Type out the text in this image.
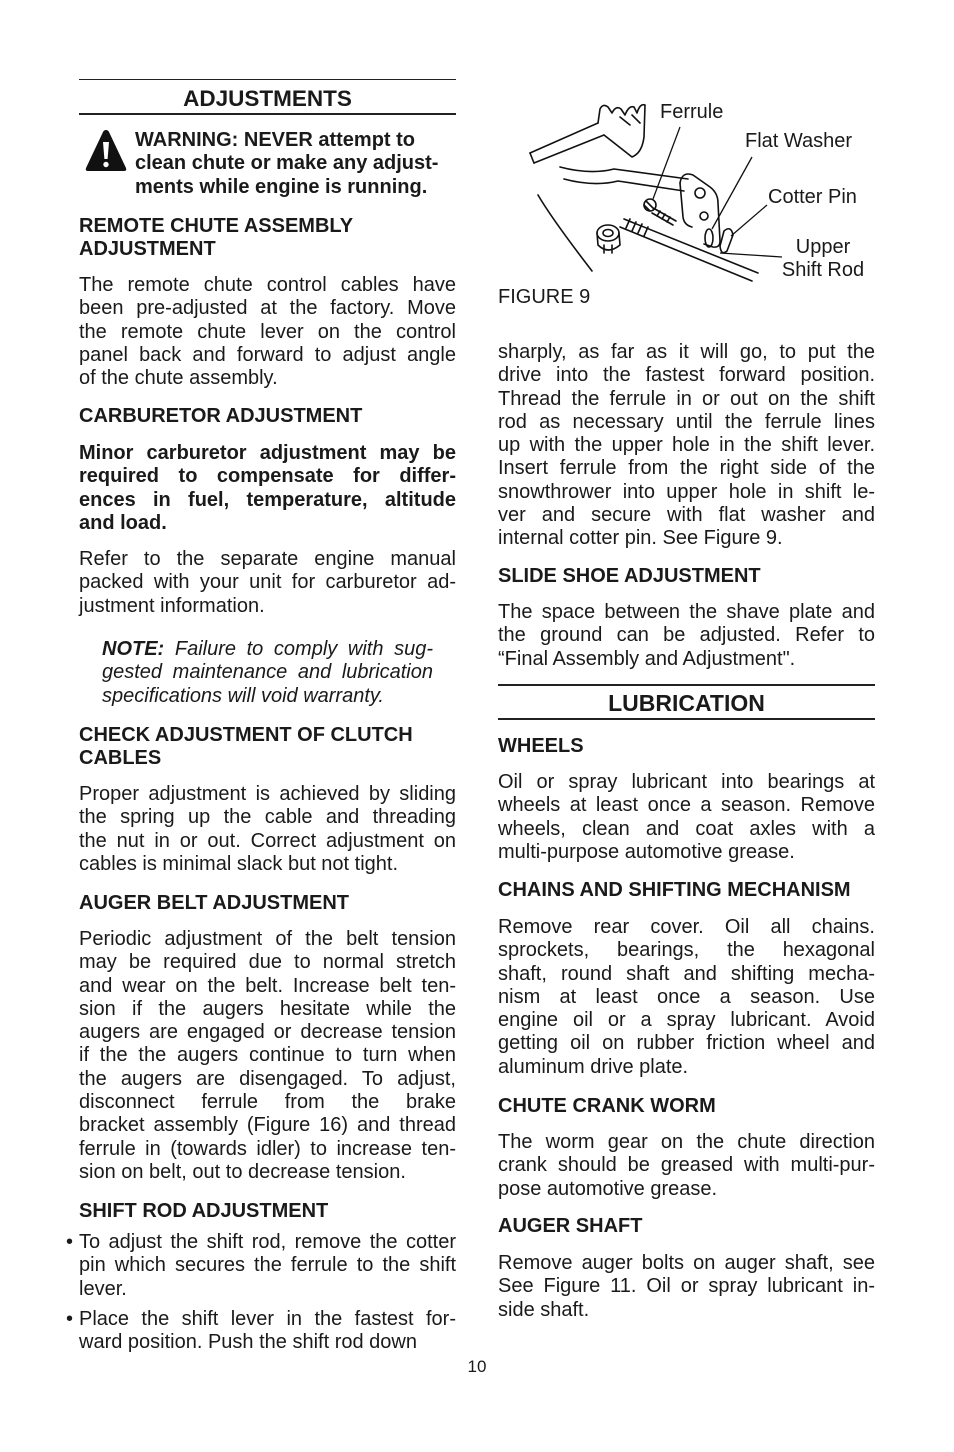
ADJUSTMENTS
WARNING: NEVER attempt to
clean chute or make any adjust-
ments while engine is running.
REMOTE CHUTE ASSEMBLY
ADJUSTMENT
The remote chute control cables have
been pre-adjusted at the factory. Move
the remote chute lever on the control
panel back and forward to adjust angle
of the chute assembly.
CARBURETOR ADJUSTMENT
Minor carburetor adjustment may be
required to compensate for differ-
ences in fuel, temperature, altitude
and load.
Refer to the separate engine manual
packed with your unit for carburetor ad-
justment information.
NOTE: Failure to comply with sug-
gested maintenance and lubrication
specifications will void warranty.
CHECK ADJUSTMENT OF CLUTCH
CABLES
Proper adjustment is achieved by sliding
the spring up the cable and threading
the nut in or out. Correct adjustment on
cables is minimal slack but not tight.
AUGER BELT ADJUSTMENT
Periodic adjustment of the belt tension
may be required due to normal stretch
and wear on the belt. Increase belt ten-
sion if the augers hesitate while the
augers are engaged or decrease tension
if the the augers continue to turn when
the augers are disengaged. To adjust,
disconnect ferrule from the brake
bracket assembly (Figure 16) and thread
ferrule in (towards idler) to increase ten-
sion on belt, out to decrease tension.
SHIFT ROD ADJUSTMENT
• To adjust the shift rod, remove the cotter
pin which secures the ferrule to the shift
lever.
• Place the shift lever in the fastest for-
ward position. Push the shift rod down
Ferrule
Flat Washer
Cotter Pin
Upper
Shift Rod
FIGURE 9
sharply, as far as it will go, to put the
drive into the fastest forward position.
Thread the ferrule in or out on the shift
rod as necessary until the ferrule lines
up with the upper hole in the shift lever.
Insert ferrule from the right side of the
snowthrower into upper hole in shift le-
ver and secure with flat washer and
internal cotter pin. See Figure 9.
SLIDE SHOE ADJUSTMENT
The space between the shave plate and
the ground can be adjusted. Refer to
“Final Assembly and Adjustment".
LUBRICATION
WHEELS
Oil or spray lubricant into bearings at
wheels at least once a season. Remove
wheels, clean and coat axles with a
multi-purpose automotive grease.
CHAINS AND SHIFTING MECHANISM
Remove rear cover. Oil all chains.
sprockets, bearings, the hexagonal
shaft, round shaft and shifting mecha-
nism at least once a season. Use
engine oil or a spray lubricant. Avoid
getting oil on rubber friction wheel and
aluminum drive plate.
CHUTE CRANK WORM
The worm gear on the chute direction
crank should be greased with multi-pur-
pose automotive grease.
AUGER SHAFT
Remove auger bolts on auger shaft, see
See Figure 11. Oil or spray lubricant in-
side shaft.
10
